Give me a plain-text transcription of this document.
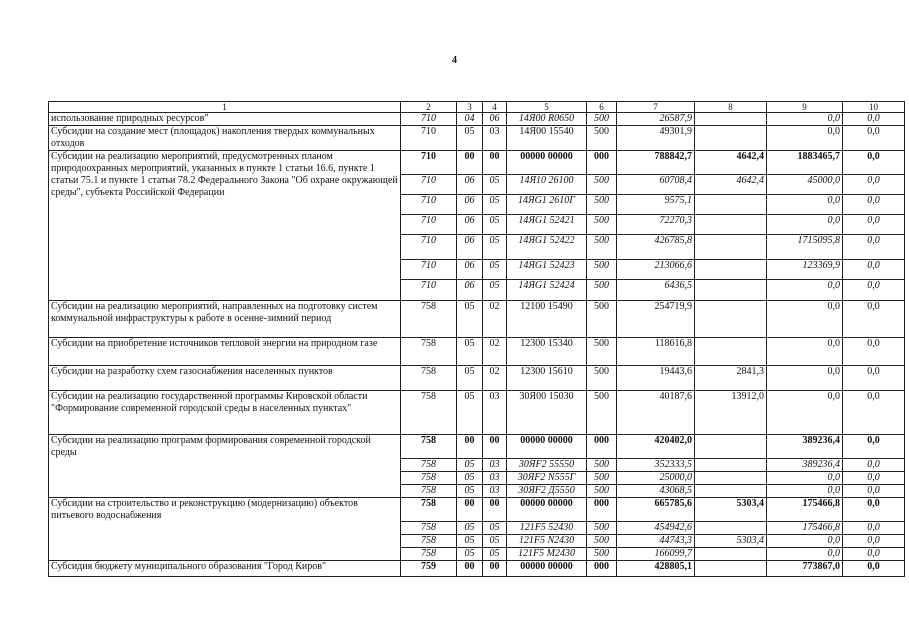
4
1	2	3	4	5	6	7	8	9	10
использование природных ресурсов"	710	04	06	14Я00 R0650	500	26587,9		0,0	0,0
Субсидии на создание мест (площадок) накопления твердых коммунальных отходов	710	05	03	14Я00 15540	500	49301,9		0,0	0,0
Субсидии на реализацию мероприятий, предусмотренных планом природоохранных мероприятий, указанных в пункте 1 статьи 16.6, пункте 1 статьи 75.1 и пункте 1 статьи 78.2 Федерального Закона "Об охране окружающей среды", субъекта Российской Федерации	710	00	00	00000 00000	000	788842,7	4642,4	1883465,7	0,0
	710	06	05	14Я10 26100	500	60708,4	4642,4	45000,0	0,0
	710	06	05	14ЯG1 2610Г	500	9575,1		0,0	0,0
	710	06	05	14ЯG1 52421	500	72270,3		0,0	0,0
	710	06	05	14ЯG1 52422	500	426785,8		1715095,8	0,0
	710	06	05	14ЯG1 52423	500	213066,6		123369,9	0,0
	710	06	05	14ЯG1 52424	500	6436,5		0,0	0,0
Субсидии на реализацию мероприятий, направленных на подготовку систем коммунальной инфраструктуры к работе в осенне-зимний период	758	05	02	12100 15490	500	254719,9		0,0	0,0
Субсидии на приобретение источников тепловой энергии на природном газе	758	05	02	12300 15340	500	118616,8		0,0	0,0
Субсидии на разработку схем газоснабжения населенных пунктов	758	05	02	12300 15610	500	19443,6	2841,3	0,0	0,0
Субсидии на реализацию государственной программы Кировской области "Формирование современной городской среды в населенных пунктах"	758	05	03	30Я00 15030	500	40187,6	13912,0	0,0	0,0
Субсидии на реализацию программ формирования современной городской среды	758	00	00	00000 00000	000	420402,0		389236,4	0,0
	758	05	03	30ЯF2 55550	500	352333,5		389236,4	0,0
	758	05	03	30ЯF2 N555Г	500	25000,0		0,0	0,0
	758	05	03	30ЯF2 Д5550	500	43068,5		0,0	0,0
Субсидии на строительство и реконструкцию (модернизацию) объектов питьевого водоснабжения	758	00	00	00000 00000	000	665785,6	5303,4	175466,8	0,0
	758	05	05	121F5 52430	500	454942,6		175466,8	0,0
	758	05	05	121F5 N2430	500	44743,3	5303,4	0,0	0,0
	758	05	05	121F5 M2430	500	166099,7		0,0	0,0
Субсидия бюджету муниципального образования "Город Киров"	759	00	00	00000 00000	000	428805,1		773867,0	0,0
